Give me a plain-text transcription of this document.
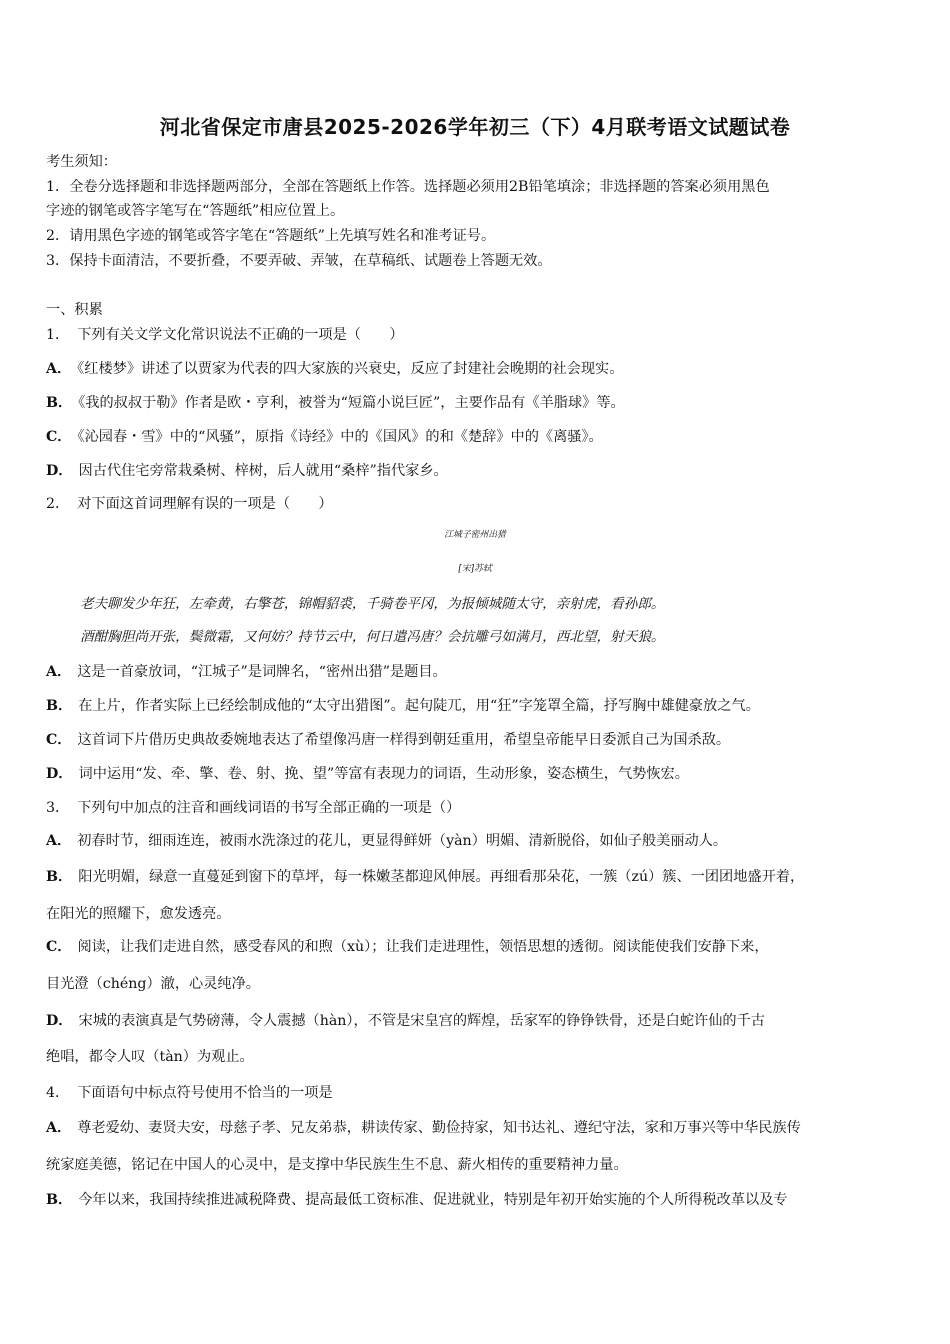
河北省保定市唐县2025-2026学年初三（下）4月联考语文试题试卷
考生须知：
1．全卷分选择题和非选择题两部分，全部在答题纸上作答。选择题必须用2B铅笔填涂；非选择题的答案必须用黑色
字迹的钢笔或答字笔写在“答题纸”相应位置上。
2．请用黑色字迹的钢笔或答字笔在“答题纸”上先填写姓名和准考证号。
3．保持卡面清洁，不要折叠，不要弄破、弄皱，在草稿纸、试题卷上答题无效。
一、积累
1． 下列有关文学文化常识说法不正确的一项是（　　）
A． 《红楼梦》讲述了以贾家为代表的四大家族的兴衰史，反应了封建社会晚期的社会现实。
B． 《我的叔叔于勒》作者是欧・亨利，被誉为“短篇小说巨匠”，主要作品有《羊脂球》等。
C． 《沁园春・雪》中的“风骚”，原指《诗经》中的《国风》的和《楚辞》中的《离骚》。
D． 因古代住宅旁常栽桑树、梓树，后人就用“桑梓”指代家乡。
2． 对下面这首词理解有误的一项是（　　）
江城子密州出猎
[宋]苏轼
老夫聊发少年狂，左牵黄，右擎苍，锦帽貂裘，千骑卷平冈，为报倾城随太守，亲射虎，看孙郎。
酒酣胸胆尚开张，鬓微霜，又何妨？持节云中，何日遣冯唐？会抗雕弓如满月，西北望，射天狼。
A． 这是一首豪放词，“江城子”是词牌名，“密州出猎”是题目。
B． 在上片，作者实际上已经绘制成他的“太守出猎图”。起句陡兀，用“狂”字笼罩全篇，抒写胸中雄健豪放之气。
C． 这首词下片借历史典故委婉地表达了希望像冯唐一样得到朝廷重用，希望皇帝能早日委派自己为国杀敌。
D． 词中运用“发、牵、擎、卷、射、挽、望”等富有表现力的词语，生动形象，姿态横生，气势恢宏。
3． 下列句中加点的注音和画线词语的书写全部正确的一项是（）
A． 初春时节，细雨连连，被雨水洗涤过的花儿，更显得鲜妍（yàn）明媚、清新脱俗，如仙子般美丽动人。
B． 阳光明媚，绿意一直蔓延到窗下的草坪，每一株嫩茎都迎风伸展。再细看那朵花，一簇（zú）簇、一团团地盛开着，
在阳光的照耀下，愈发透亮。
C． 阅读，让我们走进自然，感受春风的和煦（xù）；让我们走进理性，领悟思想的透彻。阅读能使我们安静下来，
目光澄（chéng）澈，心灵纯净。
D． 宋城的表演真是气势磅薄，令人震撼（hàn），不管是宋皇宫的辉煌，岳家军的铮铮铁骨，还是白蛇许仙的千古
绝唱，都令人叹（tàn）为观止。
4． 下面语句中标点符号使用不恰当的一项是
A． 尊老爱幼、妻贤夫安，母慈子孝、兄友弟恭，耕读传家、勤俭持家，知书达礼、遵纪守法，家和万事兴等中华民族传
统家庭美德，铭记在中国人的心灵中，是支撑中华民族生生不息、薪火相传的重要精神力量。
B． 今年以来，我国持续推进减税降费、提高最低工资标准、促进就业，特别是年初开始实施的个人所得税改革以及专
